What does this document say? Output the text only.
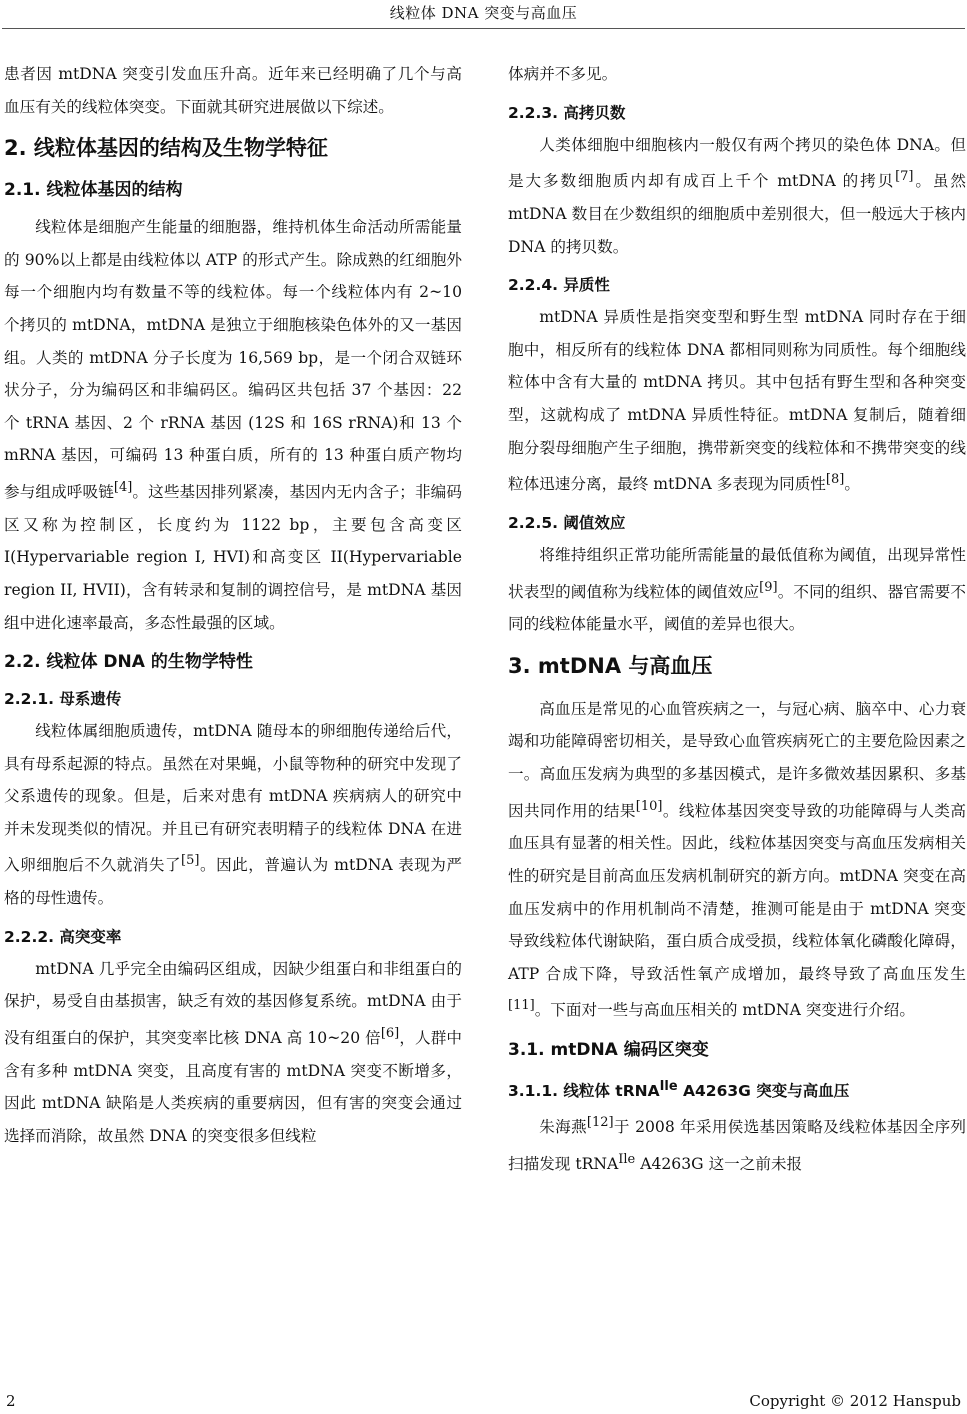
线粒体 DNA 突变与高血压

患者因 mtDNA 突变引发血压升高。近年来已经明确了几个与高血压有关的线粒体突变。下面就其研究进展做以下综述。

2. 线粒体基因的结构及生物学特征
2.1. 线粒体基因的结构

线粒体是细胞产生能量的细胞器，维持机体生命活动所需能量的 90%以上都是由线粒体以 ATP 的形式产生。除成熟的红细胞外每一个细胞内均有数量不等的线粒体。每一个线粒体内有 2~10 个拷贝的 mtDNA，mtDNA 是独立于细胞核染色体外的又一基因组。人类的 mtDNA 分子长度为 16,569 bp，是一个闭合双链环状分子，分为编码区和非编码区。编码区共包括 37 个基因：22 个 tRNA 基因、2 个 rRNA 基因 (12S 和 16S rRNA)和 13 个 mRNA 基因，可编码 13 种蛋白质，所有的 13 种蛋白质产物均参与组成呼吸链[4]。这些基因排列紧凑，基因内无内含子；非编码区又称为控制区，长度约为 1122 bp，主要包含高变区 I(Hypervariable region I, HVI)和高变区 II(Hypervariable region II, HVII)，含有转录和复制的调控信号，是 mtDNA 基因组中进化速率最高，多态性最强的区域。

2.2. 线粒体 DNA 的生物学特性
2.2.1. 母系遗传

线粒体属细胞质遗传，mtDNA 随母本的卵细胞传递给后代，具有母系起源的特点。虽然在对果蝇，小鼠等物种的研究中发现了父系遗传的现象。但是，后来对患有 mtDNA 疾病病人的研究中并未发现类似的情况。并且已有研究表明精子的线粒体 DNA 在进入卵细胞后不久就消失了[5]。因此，普遍认为 mtDNA 表现为严格的母性遗传。

2.2.2. 高突变率

mtDNA 几乎完全由编码区组成，因缺少组蛋白和非组蛋白的保护，易受自由基损害，缺乏有效的基因修复系统。mtDNA 由于没有组蛋白的保护，其突变率比核 DNA 高 10~20 倍[6]，人群中含有多种 mtDNA 突变，且高度有害的 mtDNA 突变不断增多，因此 mtDNA 缺陷是人类疾病的重要病因，但有害的突变会通过选择而消除，故虽然 DNA 的突变很多但线粒

体病并不多见。

2.2.3. 高拷贝数

人类体细胞中细胞核内一般仅有两个拷贝的染色体 DNA。但是大多数细胞质内却有成百上千个 mtDNA 的拷贝[7]。虽然 mtDNA 数目在少数组织的细胞质中差别很大，但一般远大于核内 DNA 的拷贝数。

2.2.4. 异质性

mtDNA 异质性是指突变型和野生型 mtDNA 同时存在于细胞中，相反所有的线粒体 DNA 都相同则称为同质性。每个细胞线粒体中含有大量的 mtDNA 拷贝。其中包括有野生型和各种突变型，这就构成了 mtDNA 异质性特征。mtDNA 复制后，随着细胞分裂母细胞产生子细胞，携带新突变的线粒体和不携带突变的线粒体迅速分离，最终 mtDNA 多表现为同质性[8]。

2.2.5. 阈值效应

将维持组织正常功能所需能量的最低值称为阈值，出现异常性状表型的阈值称为线粒体的阈值效应[9]。不同的组织、器官需要不同的线粒体能量水平，阈值的差异也很大。

3. mtDNA 与高血压

高血压是常见的心血管疾病之一，与冠心病、脑卒中、心力衰竭和功能障碍密切相关，是导致心血管疾病死亡的主要危险因素之一。高血压发病为典型的多基因模式，是许多微效基因累积、多基因共同作用的结果[10]。线粒体基因突变导致的功能障碍与人类高血压具有显著的相关性。因此，线粒体基因突变与高血压发病相关性的研究是目前高血压发病机制研究的新方向。mtDNA 突变在高血压发病中的作用机制尚不清楚，推测可能是由于 mtDNA 突变导致线粒体代谢缺陷，蛋白质合成受损，线粒体氧化磷酸化障碍，ATP 合成下降，导致活性氧产成增加，最终导致了高血压发生[11]。下面对一些与高血压相关的 mtDNA 突变进行介绍。

3.1. mtDNA 编码区突变
3.1.1. 线粒体 tRNA$^{Ile}$ A4263G 突变与高血压

朱海燕[12]于 2008 年采用侯选基因策略及线粒体基因全序列扫描发现 tRNA$^{Ile}$ A4263G 这一之前未报

2	Copyright © 2012 Hanspub
